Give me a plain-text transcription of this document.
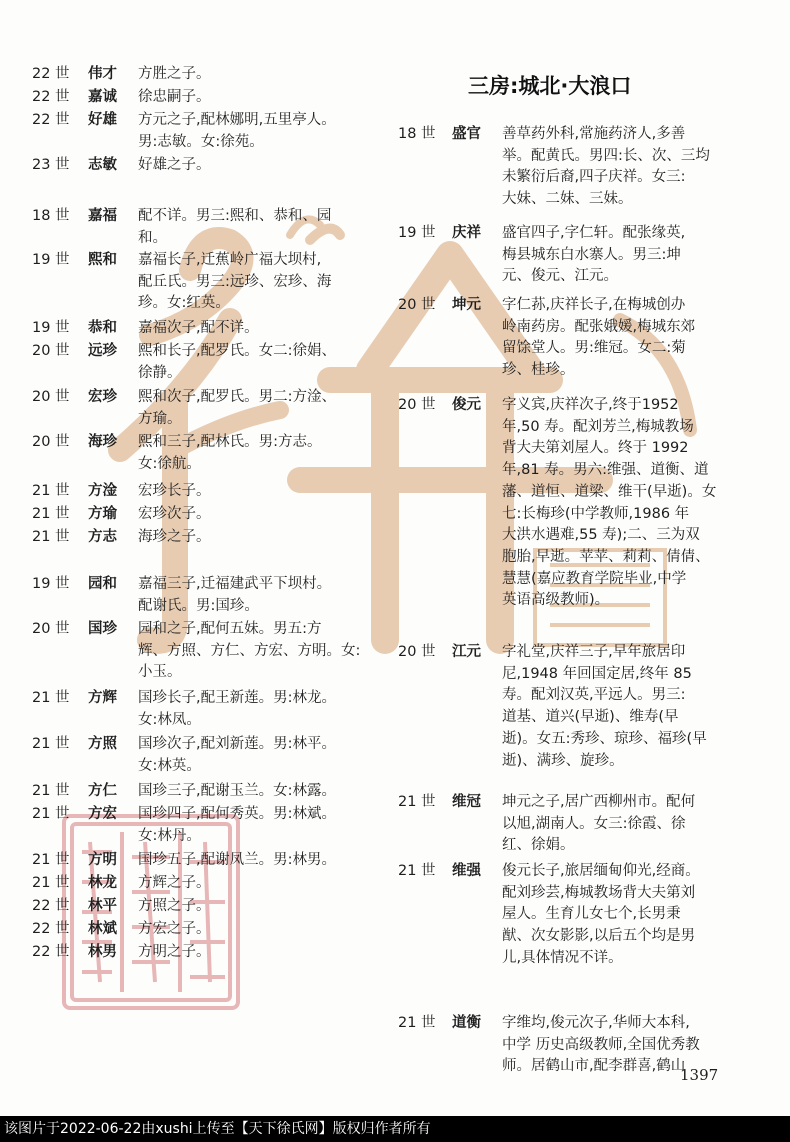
22 世	伟才	方胜之子。
22 世	嘉诚	徐忠嗣子。
22 世	好雄	方元之子,配林娜明,五里亭人。
男:志敏。女:徐苑。
23 世	志敏	好雄之子。
18 世	嘉福	配不详。男三:熙和、恭和、园
和。
19 世	熙和	嘉福长子,迁蕉岭广福大坝村,
配丘氏。男三:远珍、宏珍、海
珍。女:红英。
19 世	恭和	嘉福次子,配不详。
20 世	远珍	熙和长子,配罗氏。女二:徐娟、
徐静。
20 世	宏珍	熙和次子,配罗氏。男二:方淦、
方瑜。
20 世	海珍	熙和三子,配林氏。男:方志。
女:徐航。
21 世	方淦	宏珍长子。
21 世	方瑜	宏珍次子。
21 世	方志	海珍之子。
19 世	园和	嘉福三子,迁福建武平下坝村。
配谢氏。男:国珍。
20 世	国珍	园和之子,配何五妹。男五:方
辉、方照、方仁、方宏、方明。女:
小玉。
21 世	方辉	国珍长子,配王新莲。男:林龙。
女:林凤。
21 世	方照	国珍次子,配刘新莲。男:林平。
女:林英。
21 世	方仁	国珍三子,配谢玉兰。女:林露。
21 世	方宏	国珍四子,配何秀英。男:林斌。
女:林丹。
21 世	方明	国珍五子,配谢凤兰。男:林男。
21 世	林龙	方辉之子。
22 世	林平	方照之子。
22 世	林斌	方宏之子。
22 世	林男	方明之子。
三房:城北·大浪口
18 世	盛官	善草药外科,常施药济人,多善
举。配黄氏。男四:长、次、三均
未繁衍后裔,四子庆祥。女三:
大妹、二妹、三妹。
19 世	庆祥	盛官四子,字仁轩。配张缘英,
梅县城东白水寨人。男三:坤
元、俊元、江元。
20 世	坤元	字仁荪,庆祥长子,在梅城创办
岭南药房。配张娥媛,梅城东郊
留馀堂人。男:维冠。女二:菊
珍、桂珍。
20 世	俊元	字义宾,庆祥次子,终于1952
年,50 寿。配刘芳兰,梅城教场
背大夫第刘屋人。终于 1992
年,81 寿。男六:维强、道衡、道
藩、道恒、道梁、维干(早逝)。女
七:长梅珍(中学教师,1986 年
大洪水遇难,55 寿);二、三为双
胞胎,早逝。苹苹、莉莉、倩倩、
慧慧(嘉应教育学院毕业,中学
英语高级教师)。
20 世	江元	字礼堂,庆祥三子,早年旅居印
尼,1948 年回国定居,终年 85
寿。配刘汉英,平远人。男三:
道基、道兴(早逝)、维寿(早
逝)。女五:秀珍、琼珍、福珍(早
逝)、满珍、旋珍。
21 世	维冠	坤元之子,居广西柳州市。配何
以旭,湖南人。女三:徐霞、徐
红、徐娟。
21 世	维强	俊元长子,旅居缅甸仰光,经商。
配刘珍芸,梅城教场背大夫第刘
屋人。生育儿女七个,长男秉
猷、次女影影,以后五个均是男
儿,具体情况不详。
21 世	道衡	字维均,俊元次子,华师大本科,
中学 历史高级教师,全国优秀教
师。居鹤山市,配李群喜,鹤山
1397
该图片于2022-06-22由xushi上传至【天下徐氏网】版权归作者所有
